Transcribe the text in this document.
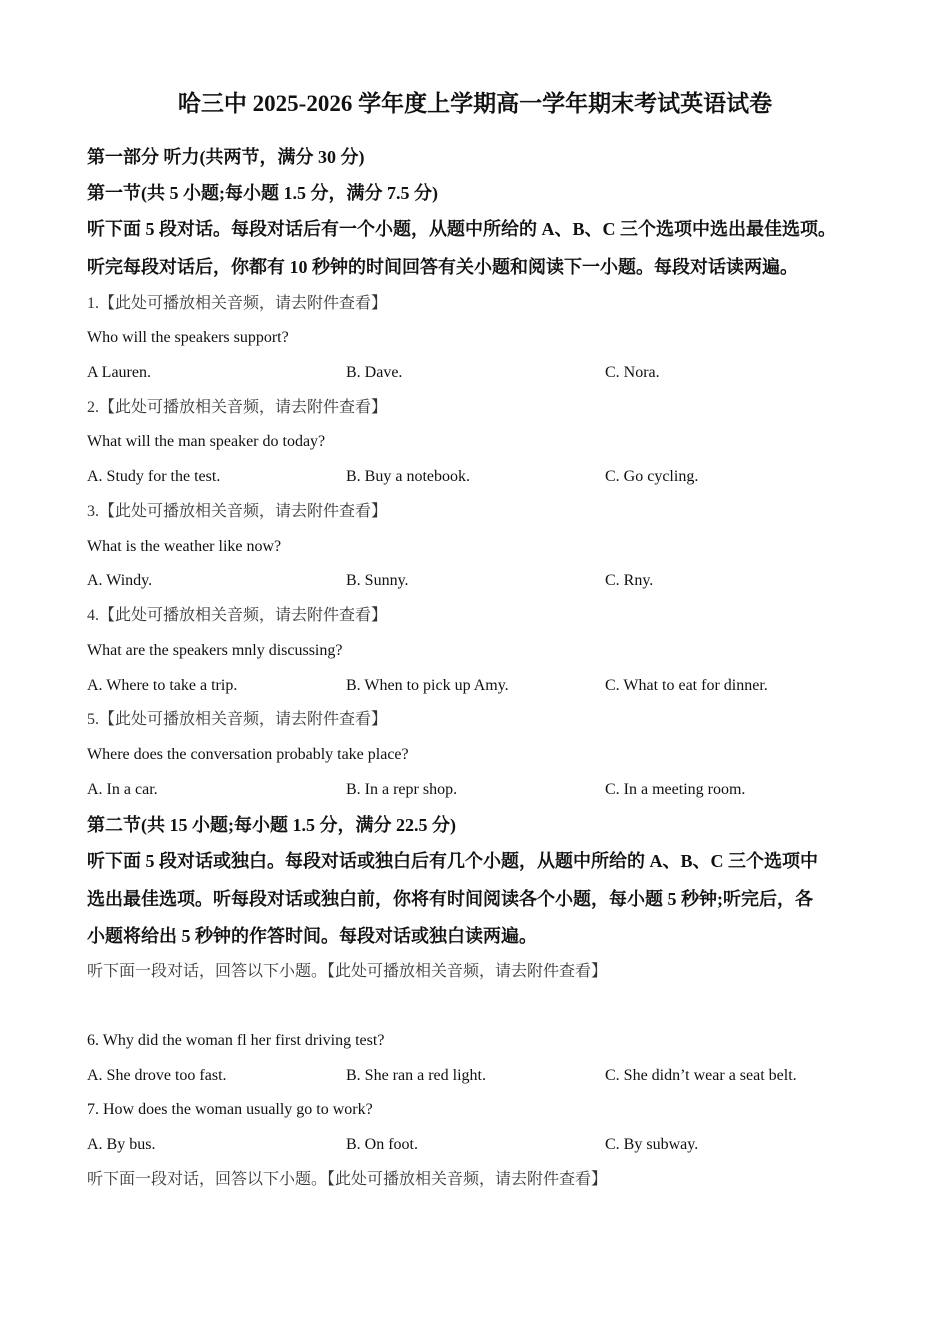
哈三中 2025-2026 学年度上学期高一学年期末考试英语试卷
第一部分 听力(共两节，满分 30 分)
第一节(共 5 小题;每小题 1.5 分，满分 7.5 分)
听下面 5 段对话。每段对话后有一个小题，从题中所给的 A、B、C 三个选项中选出最佳选项。
听完每段对话后，你都有 10 秒钟的时间回答有关小题和阅读下一小题。每段对话读两遍。
1.【此处可播放相关音频，请去附件查看】
Who will the speakers support?
A Lauren.	B. Dave.	C. Nora.
2.【此处可播放相关音频，请去附件查看】
What will the man speaker do today?
A. Study for the test.	B. Buy a notebook.	C. Go cycling.
3.【此处可播放相关音频，请去附件查看】
What is the weather like now?
A. Windy.	B. Sunny.	C. Rny.
4.【此处可播放相关音频，请去附件查看】
What are the speakers mnly discussing?
A. Where to take a trip.	B. When to pick up Amy.	C. What to eat for dinner.
5.【此处可播放相关音频，请去附件查看】
Where does the conversation probably take place?
A. In a car.	B. In a repr shop.	C. In a meeting room.
第二节(共 15 小题;每小题 1.5 分，满分 22.5 分)
听下面 5 段对话或独白。每段对话或独白后有几个小题，从题中所给的 A、B、C 三个选项中
选出最佳选项。听每段对话或独白前，你将有时间阅读各个小题，每小题 5 秒钟;听完后，各
小题将给出 5 秒钟的作答时间。每段对话或独白读两遍。
听下面一段对话，回答以下小题。【此处可播放相关音频，请去附件查看】
6. Why did the woman fl her first driving test?
A. She drove too fast.	B. She ran a red light.	C. She didn’t wear a seat belt.
7. How does the woman usually go to work?
A. By bus.	B. On foot.	C. By subway.
听下面一段对话，回答以下小题。【此处可播放相关音频，请去附件查看】
